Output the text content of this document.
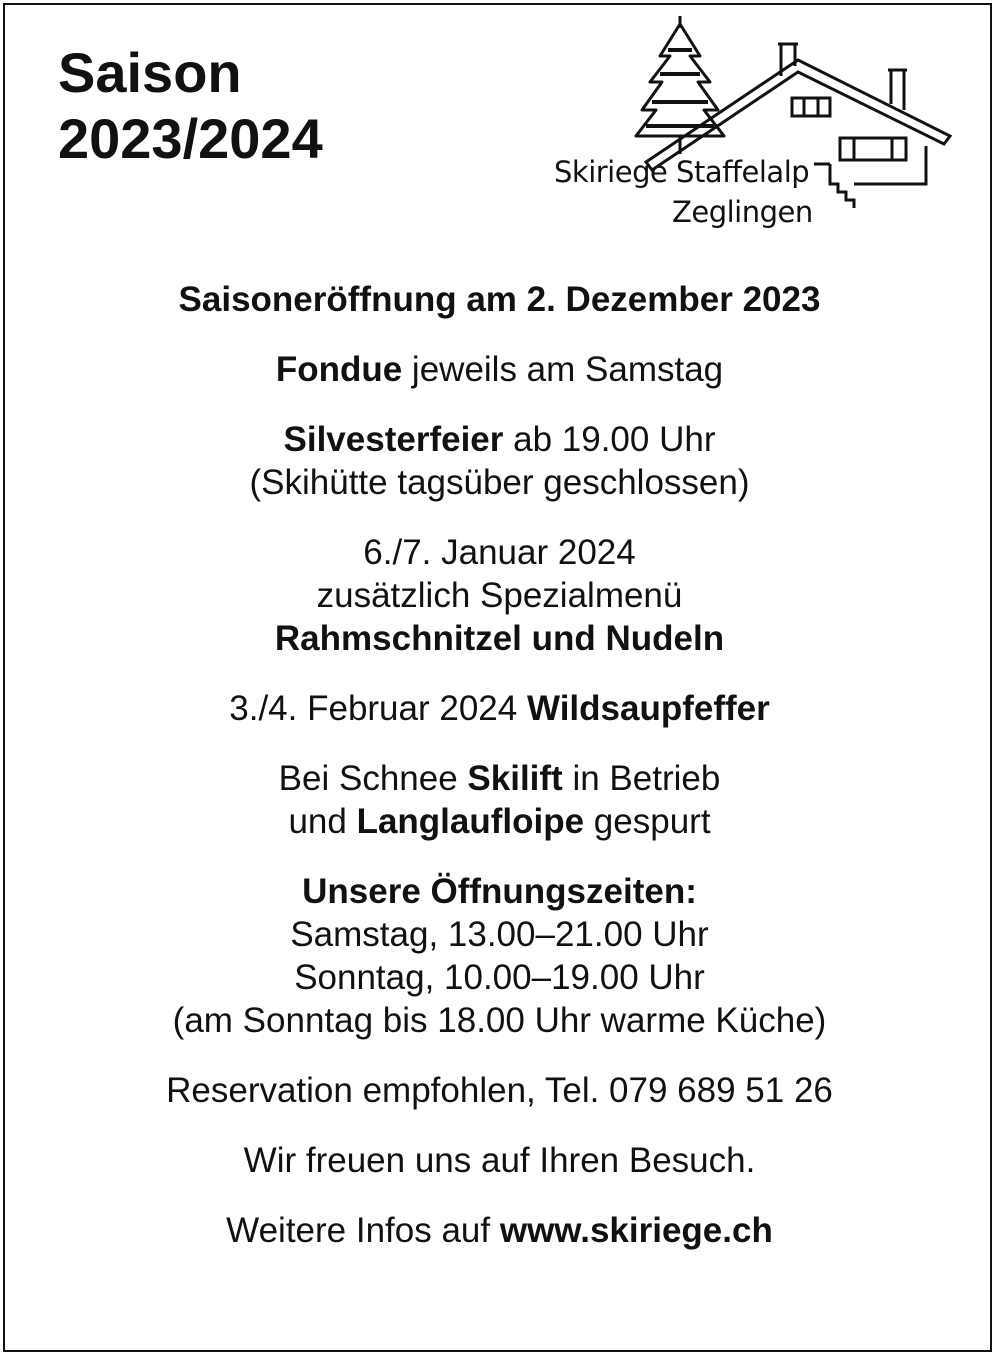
Saison
2023/2024
Skiriege Staffelalp
Zeglingen

Saisoneröffnung am 2. Dezember 2023

Fondue jeweils am Samstag

Silvesterfeier ab 19.00 Uhr

(Skihütte tagsüber geschlossen)

6./7. Januar 2024

zusätzlich Spezialmenü

Rahmschnitzel und Nudeln

3./4. Februar 2024 Wildsaupfeffer

Bei Schnee Skilift in Betrieb

und Langlaufloipe gespurt

Unsere Öffnungszeiten:

Samstag, 13.00–21.00 Uhr

Sonntag, 10.00–19.00 Uhr

(am Sonntag bis 18.00 Uhr warme Küche)

Reservation empfohlen, Tel. 079 689 51 26

Wir freuen uns auf Ihren Besuch.

Weitere Infos auf www.skiriege.ch
